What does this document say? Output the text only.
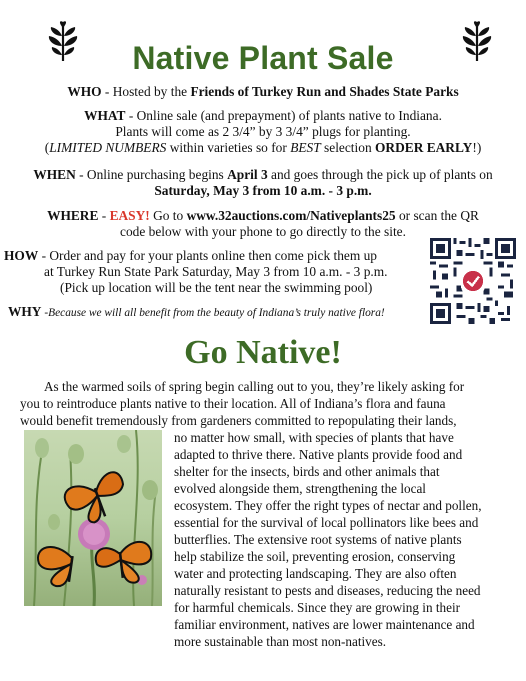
Native Plant Sale
WHO - Hosted by the Friends of Turkey Run and Shades State Parks
WHAT - Online sale (and prepayment) of plants native to Indiana.
Plants will come as 2 3/4” by 3 3/4” plugs for planting.
(LIMITED NUMBERS within varieties so for BEST selection ORDER EARLY!)
WHEN - Online purchasing begins April 3 and goes through the pick up of plants on
Saturday, May 3 from 10 a.m. - 3 p.m.
WHERE - EASY! Go to www.32auctions.com/Nativeplants25 or scan the QR
code below with your phone to go directly to the site.
HOW - Order and pay for your plants online then come pick them up
at Turkey Run State Park Saturday, May 3 from 10 a.m. - 3 p.m.
(Pick up location will be the tent near the swimming pool)
WHY -Because we will all benefit from the beauty of Indiana’s truly native flora!
Go Native!
As the warmed soils of spring begin calling out to you, they’re likely asking for
you to reintroduce plants native to their location. All of Indiana’s flora and fauna
would benefit tremendously from gardeners committed to repopulating their lands,
no matter how small, with species of plants that have
adapted to thrive there. Native plants provide food and
shelter for the insects, birds and other animals that
evolved alongside them, strengthening the local
ecosystem. They offer the right types of nectar and pollen,
essential for the survival of local pollinators like bees and
butterflies. The extensive root systems of native plants
help stabilize the soil, preventing erosion, conserving
water and protecting landscaping. They are also often
naturally resistant to pests and diseases, reducing the need
for harmful chemicals. Since they are growing in their
familiar environment, natives are lower maintenance and
more sustainable than most non-natives.
